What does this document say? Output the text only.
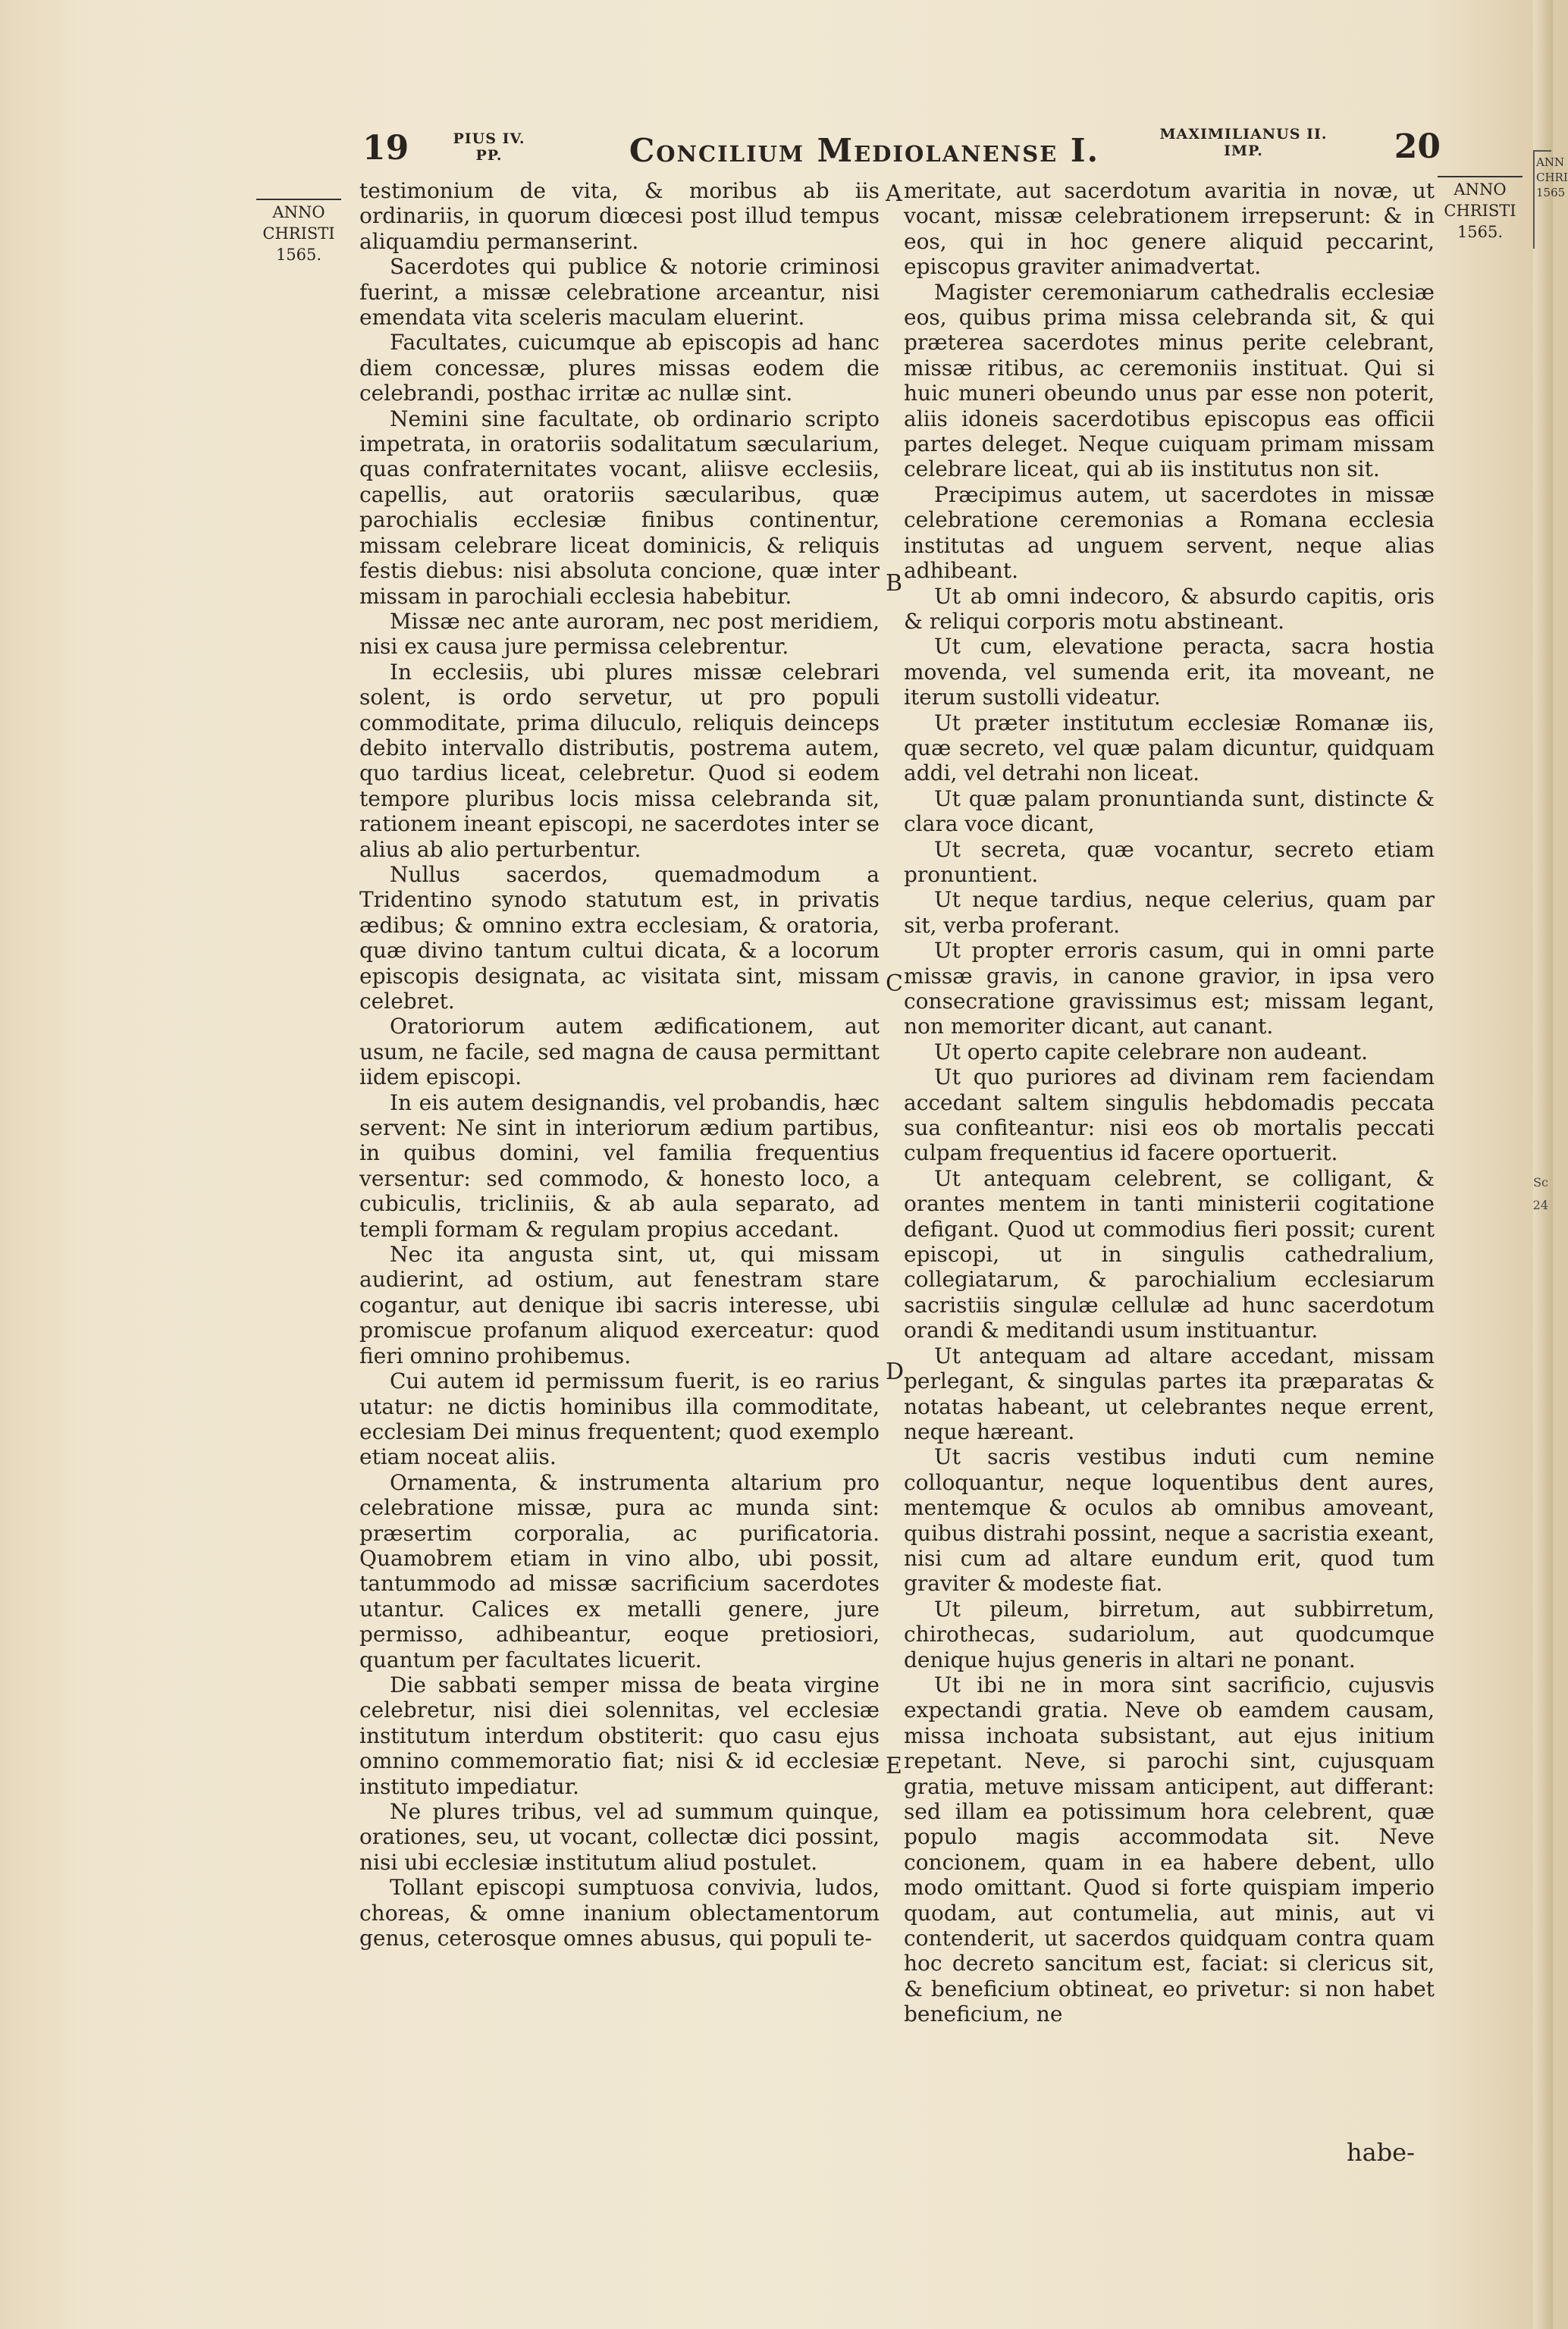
ANN CHRI 1565
Sc
24
19	PIUS IV.
PP.	Concilium Mediolanense I.	MAXIMILIANUS II.
IMP.	20
ANNO
CHRISTI
1565.
ANNO
CHRISTI
1565.
A
B
C
D
E

testimonium de vita, & moribus ab iis ordinariis, in quorum diœcesi post illud tempus aliquamdiu permanserint.

Sacerdotes qui publice & notorie criminosi fuerint, a missæ celebratione arceantur, nisi emendata vita sceleris maculam eluerint.

Facultates, cuicumque ab episcopis ad hanc diem concessæ, plures missas eodem die celebrandi, posthac irritæ ac nullæ sint.

Nemini sine facultate, ob ordinario scripto impetrata, in oratoriis sodalitatum sæcularium, quas confraternitates vocant, aliisve ecclesiis, capellis, aut oratoriis sæcularibus, quæ parochialis ecclesiæ finibus continentur, missam celebrare liceat dominicis, & reliquis festis diebus: nisi absoluta concione, quæ inter missam in parochiali ecclesia habebitur.

Missæ nec ante auroram, nec post meridiem, nisi ex causa jure permissa celebrentur.

In ecclesiis, ubi plures missæ celebrari solent, is ordo servetur, ut pro populi commoditate, prima diluculo, reliquis deinceps debito intervallo distributis, postrema autem, quo tardius liceat, celebretur. Quod si eodem tempore pluribus locis missa celebranda sit, rationem ineant episcopi, ne sacerdotes inter se alius ab alio perturbentur.

Nullus sacerdos, quemadmodum a Tridentino synodo statutum est, in privatis ædibus; & omnino extra ecclesiam, & oratoria, quæ divino tantum cultui dicata, & a locorum episcopis designata, ac visitata sint, missam celebret.

Oratoriorum autem ædificationem, aut usum, ne facile, sed magna de causa permittant iidem episcopi.

In eis autem designandis, vel probandis, hæc servent: Ne sint in interiorum ædium partibus, in quibus domini, vel familia frequentius versentur: sed commodo, & honesto loco, a cubiculis, tricliniis, & ab aula separato, ad templi formam & regulam propius accedant.

Nec ita angusta sint, ut, qui missam audierint, ad ostium, aut fenestram stare cogantur, aut denique ibi sacris interesse, ubi promiscue profanum aliquod exerceatur: quod fieri omnino prohibemus.

Cui autem id permissum fuerit, is eo rarius utatur: ne dictis hominibus illa commoditate, ecclesiam Dei minus frequentent; quod exemplo etiam noceat aliis.

Ornamenta, & instrumenta altarium pro celebratione missæ, pura ac munda sint: præsertim corporalia, ac purificatoria. Quamobrem etiam in vino albo, ubi possit, tantummodo ad missæ sacrificium sacerdotes utantur. Calices ex metalli genere, jure permisso, adhibeantur, eoque pretiosiori, quantum per facultates licuerit.

Die sabbati semper missa de beata virgine celebretur, nisi diei solennitas, vel ecclesiæ institutum interdum obstiterit: quo casu ejus omnino commemoratio fiat; nisi & id ecclesiæ instituto impediatur.

Ne plures tribus, vel ad summum quinque, orationes, seu, ut vocant, collectæ dici possint, nisi ubi ecclesiæ institutum aliud postulet.

Tollant episcopi sumptuosa convivia, ludos, choreas, & omne inanium oblectamentorum genus, ceterosque omnes abusus, qui populi te-

meritate, aut sacerdotum avaritia in novæ, ut vocant, missæ celebrationem irrepserunt: & in eos, qui in hoc genere aliquid peccarint, episcopus graviter animadvertat.

Magister ceremoniarum cathedralis ecclesiæ eos, quibus prima missa celebranda sit, & qui præterea sacerdotes minus perite celebrant, missæ ritibus, ac ceremoniis instituat. Qui si huic muneri obeundo unus par esse non poterit, aliis idoneis sacerdotibus episcopus eas officii partes deleget. Neque cuiquam primam missam celebrare liceat, qui ab iis institutus non sit.

Præcipimus autem, ut sacerdotes in missæ celebratione ceremonias a Romana ecclesia institutas ad unguem servent, neque alias adhibeant.

Ut ab omni indecoro, & absurdo capitis, oris & reliqui corporis motu abstineant.

Ut cum, elevatione peracta, sacra hostia movenda, vel sumenda erit, ita moveant, ne iterum sustolli videatur.

Ut præter institutum ecclesiæ Romanæ iis, quæ secreto, vel quæ palam dicuntur, quidquam addi, vel detrahi non liceat.

Ut quæ palam pronuntianda sunt, distincte & clara voce dicant,

Ut secreta, quæ vocantur, secreto etiam pronuntient.

Ut neque tardius, neque celerius, quam par sit, verba proferant.

Ut propter erroris casum, qui in omni parte missæ gravis, in canone gravior, in ipsa vero consecratione gravissimus est; missam legant, non memoriter dicant, aut canant.

Ut operto capite celebrare non audeant.

Ut quo puriores ad divinam rem faciendam accedant saltem singulis hebdomadis peccata sua confiteantur: nisi eos ob mortalis peccati culpam frequentius id facere oportuerit.

Ut antequam celebrent, se colligant, & orantes mentem in tanti ministerii cogitatione defigant. Quod ut commodius fieri possit; curent episcopi, ut in singulis cathedralium, collegiatarum, & parochialium ecclesiarum sacristiis singulæ cellulæ ad hunc sacerdotum orandi & meditandi usum instituantur.

Ut antequam ad altare accedant, missam perlegant, & singulas partes ita præparatas & notatas habeant, ut celebrantes neque errent, neque hæreant.

Ut sacris vestibus induti cum nemine colloquantur, neque loquentibus dent aures, mentemque & oculos ab omnibus amoveant, quibus distrahi possint, neque a sacristia exeant, nisi cum ad altare eundum erit, quod tum graviter & modeste fiat.

Ut pileum, birretum, aut subbirretum, chirothecas, sudariolum, aut quodcumque denique hujus generis in altari ne ponant.

Ut ibi ne in mora sint sacrificio, cujusvis expectandi gratia. Neve ob eamdem causam, missa inchoata subsistant, aut ejus initium repetant. Neve, si parochi sint, cujusquam gratia, metuve missam anticipent, aut differant: sed illam ea potissimum hora celebrent, quæ populo magis accommodata sit. Neve concionem, quam in ea habere debent, ullo modo omittant. Quod si forte quispiam imperio quodam, aut contumelia, aut minis, aut vi contenderit, ut sacerdos quidquam contra quam hoc decreto sancitum est, faciat: si clericus sit, & beneficium obtineat, eo privetur: si non habet beneficium, ne

habe-
